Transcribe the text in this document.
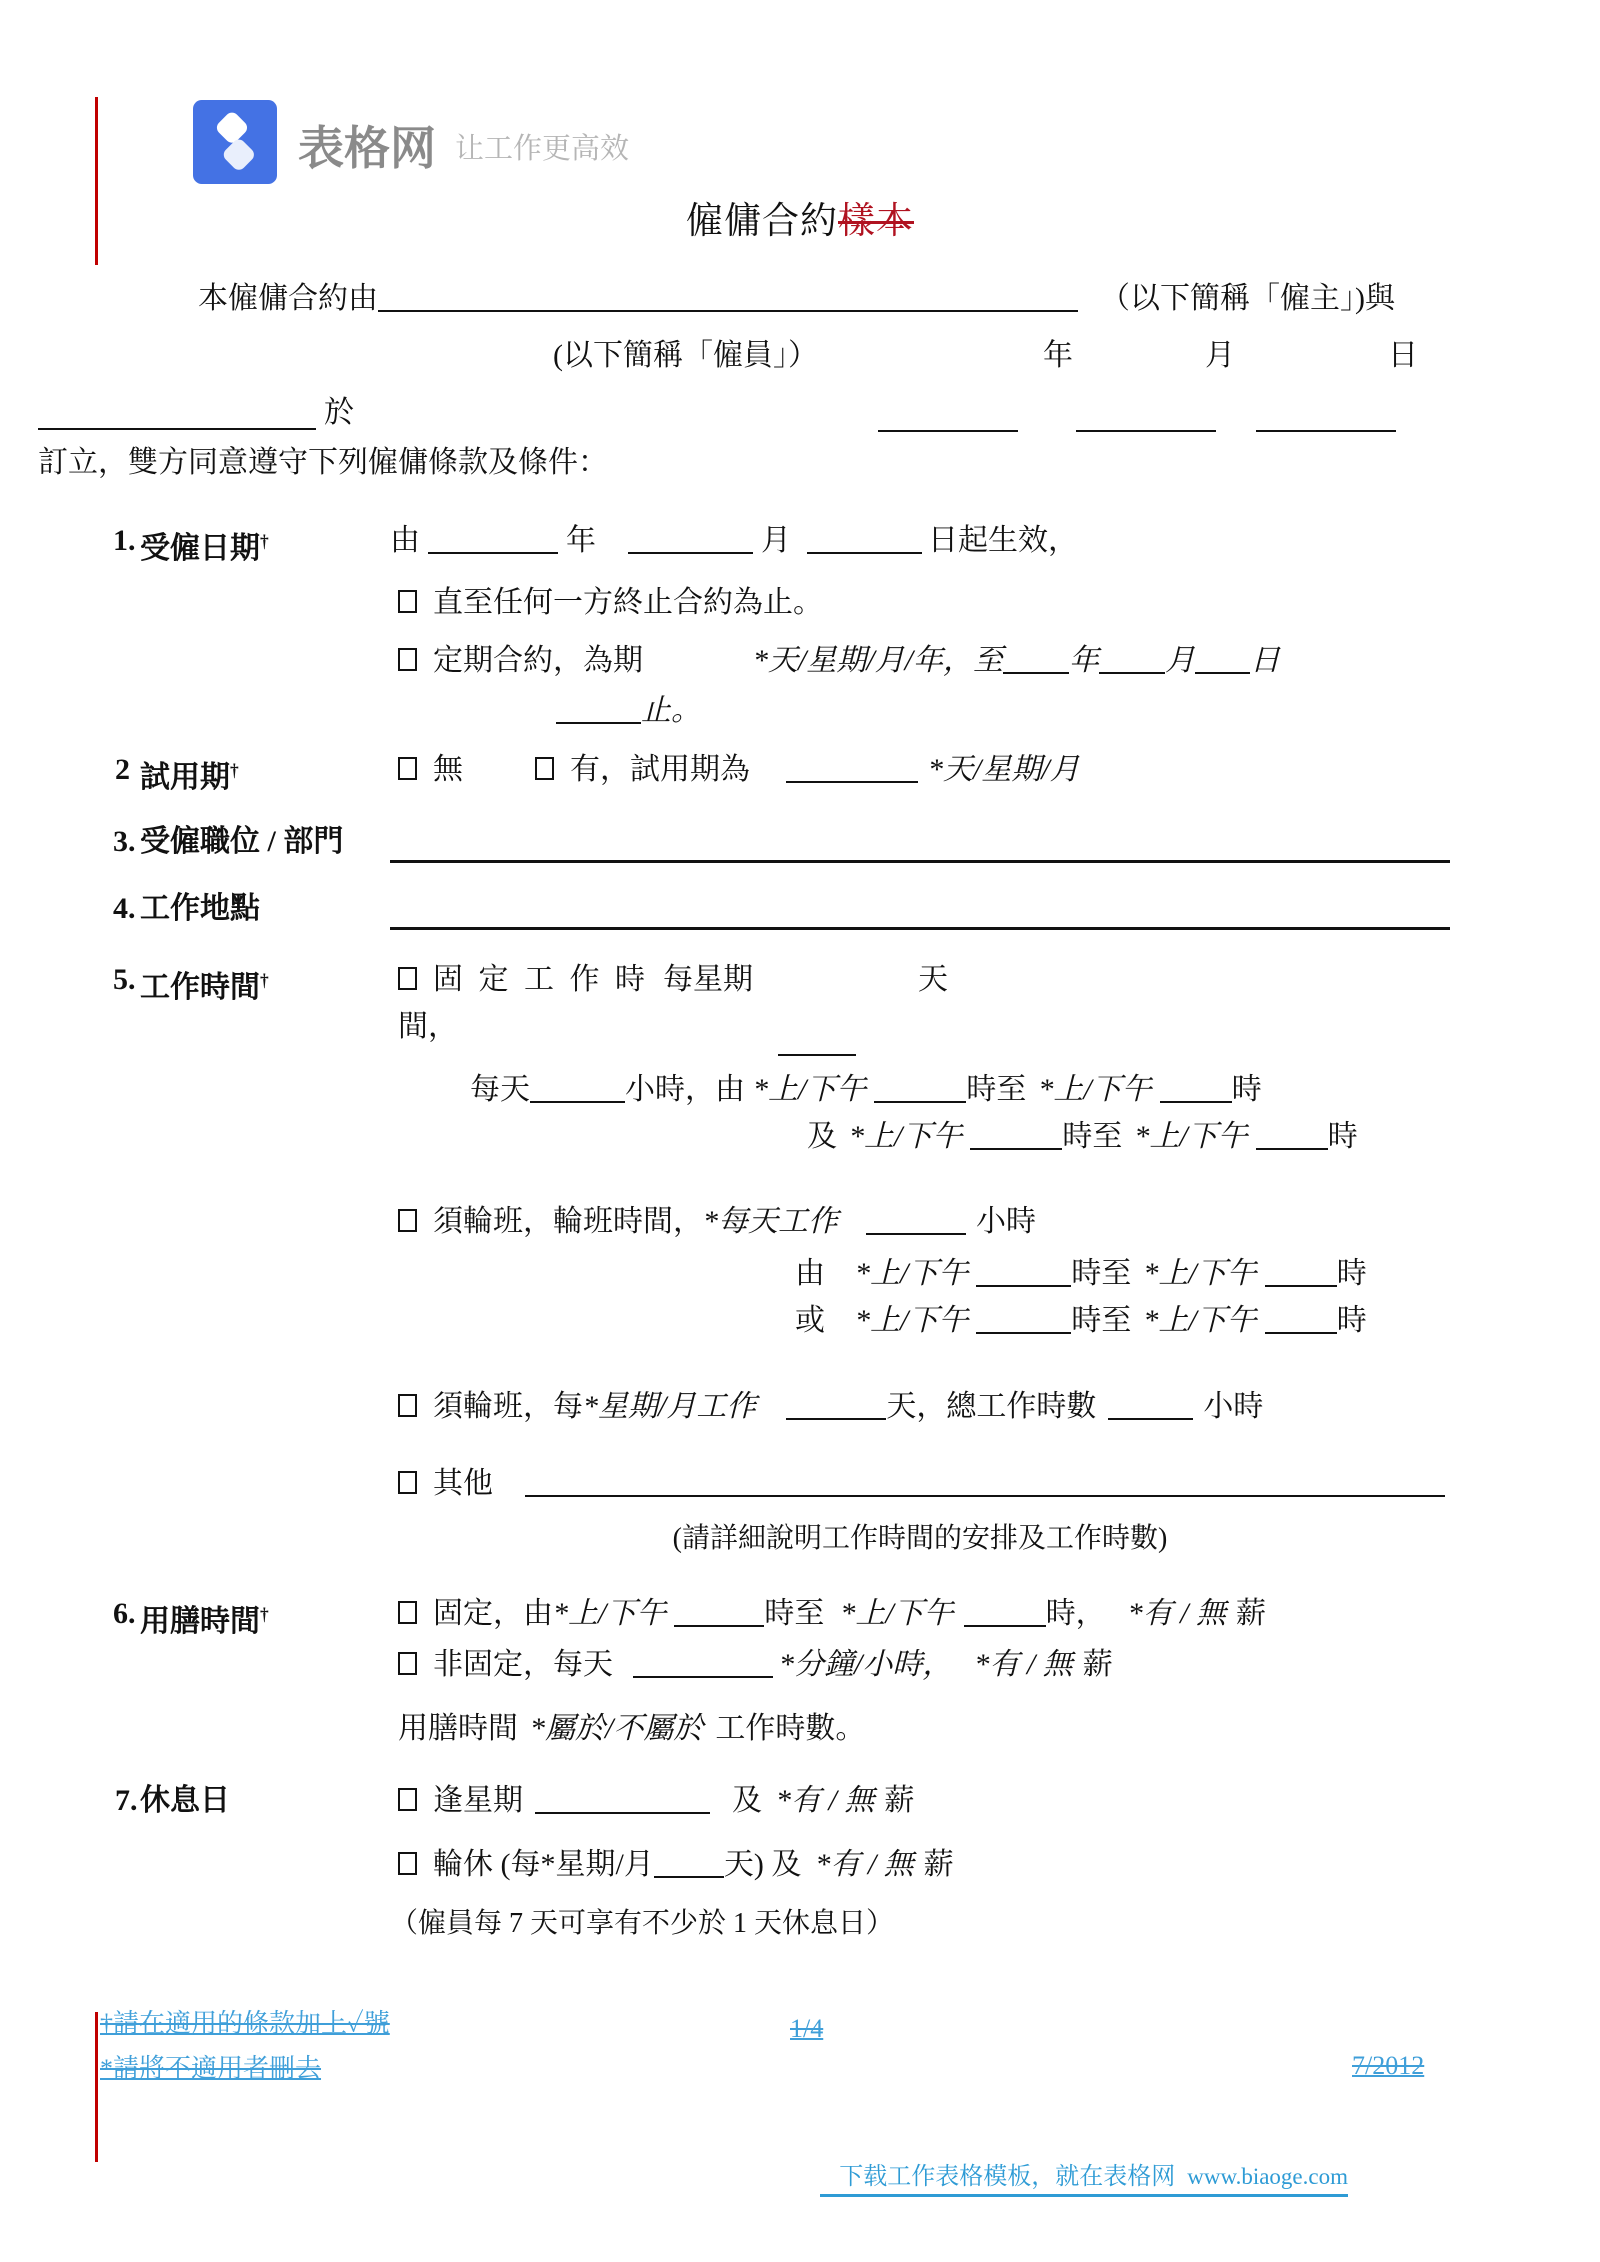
表格网 让工作更高效
僱傭合約樣本
本僱傭合約由	（以下簡稱「僱主」)與
(以下簡稱「僱員」）	年	月	日
於
訂立，雙方同意遵守下列僱傭條款及條件：
1. 受僱日期†	由	年	月	日起生效，
直至任何一方終止合約為止。
定期合約，為期	*天/星期/月/年，至 年 月 日
止。
2 試用期†	無	有，試用期為	*天/星期/月
3. 受僱職位 / 部門
4. 工作地點
5. 工作時間†	固 定 工 作 時 每星期	天
間，
每天	小時，由 *上/下午	時至 *上/下午	時
及 *上/下午	時至 *上/下午	時
須輪班，輪班時間，*每天工作	小時
由 *上/下午	時至 *上/下午	時
或 *上/下午	時至 *上/下午	時
須輪班，每*星期/月工作	天，總工作時數	小時
其他
(請詳細說明工作時間的安排及工作時數)
6. 用膳時間†	固定，由*上/下午	時至 *上/下午	時， *有 / 無 薪
非固定，每天	*分鐘/小時， *有 / 無 薪
用膳時間 *屬於/不屬於 工作時數。
7. 休息日	逢星期	及 *有 / 無 薪
輪休 (每*星期/月 天) 及 *有 / 無 薪
（僱員每 7 天可享有不少於 1 天休息日）
†請在適用的條款加上✓號
*請將不適用者刪去
1/4
7/2012
下载工作表格模板，就在表格网 www.biaoge.com
